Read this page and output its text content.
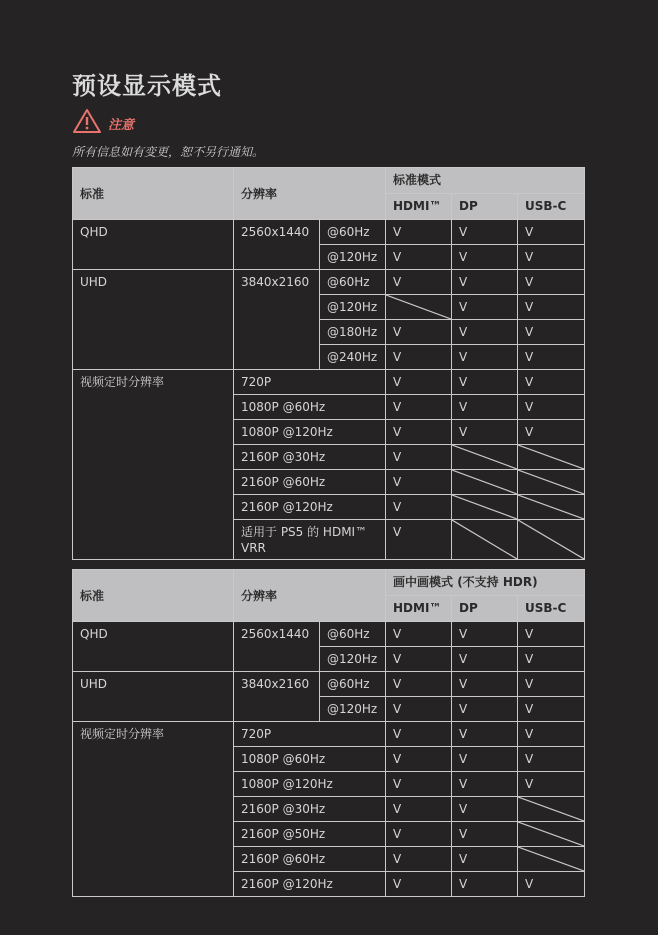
预设显示模式
注意
所有信息如有变更，恕不另行通知。
标准	分辨率		标准模式		
			HDMI™	DP	USB-C
QHD	2560x1440	@60Hz	V	V	V
		@120Hz	V	V	V
UHD	3840x2160	@60Hz	V	V	V
		@120Hz		V	V
		@180Hz	V	V	V
		@240Hz	V	V	V
视频定时分辨率	720P		V	V	V
	1080P @60Hz		V	V	V
	1080P @120Hz		V	V	V
	2160P @30Hz		V	

	2160P @60Hz		V	

	2160P @120Hz		V	

	适用于 PS5 的 HDMI™ VRR		V	

标准	分辨率		画中画模式 (不支持 HDR)		
			HDMI™	DP	USB-C
QHD	2560x1440	@60Hz	V	V	V
		@120Hz	V	V	V
UHD	3840x2160	@60Hz	V	V	V
		@120Hz	V	V	V
视频定时分辨率	720P		V	V	V
	1080P @60Hz		V	V	V
	1080P @120Hz		V	V	V
	2160P @30Hz		V	V	

	2160P @50Hz		V	V	

	2160P @60Hz		V	V	

	2160P @120Hz		V	V	V
